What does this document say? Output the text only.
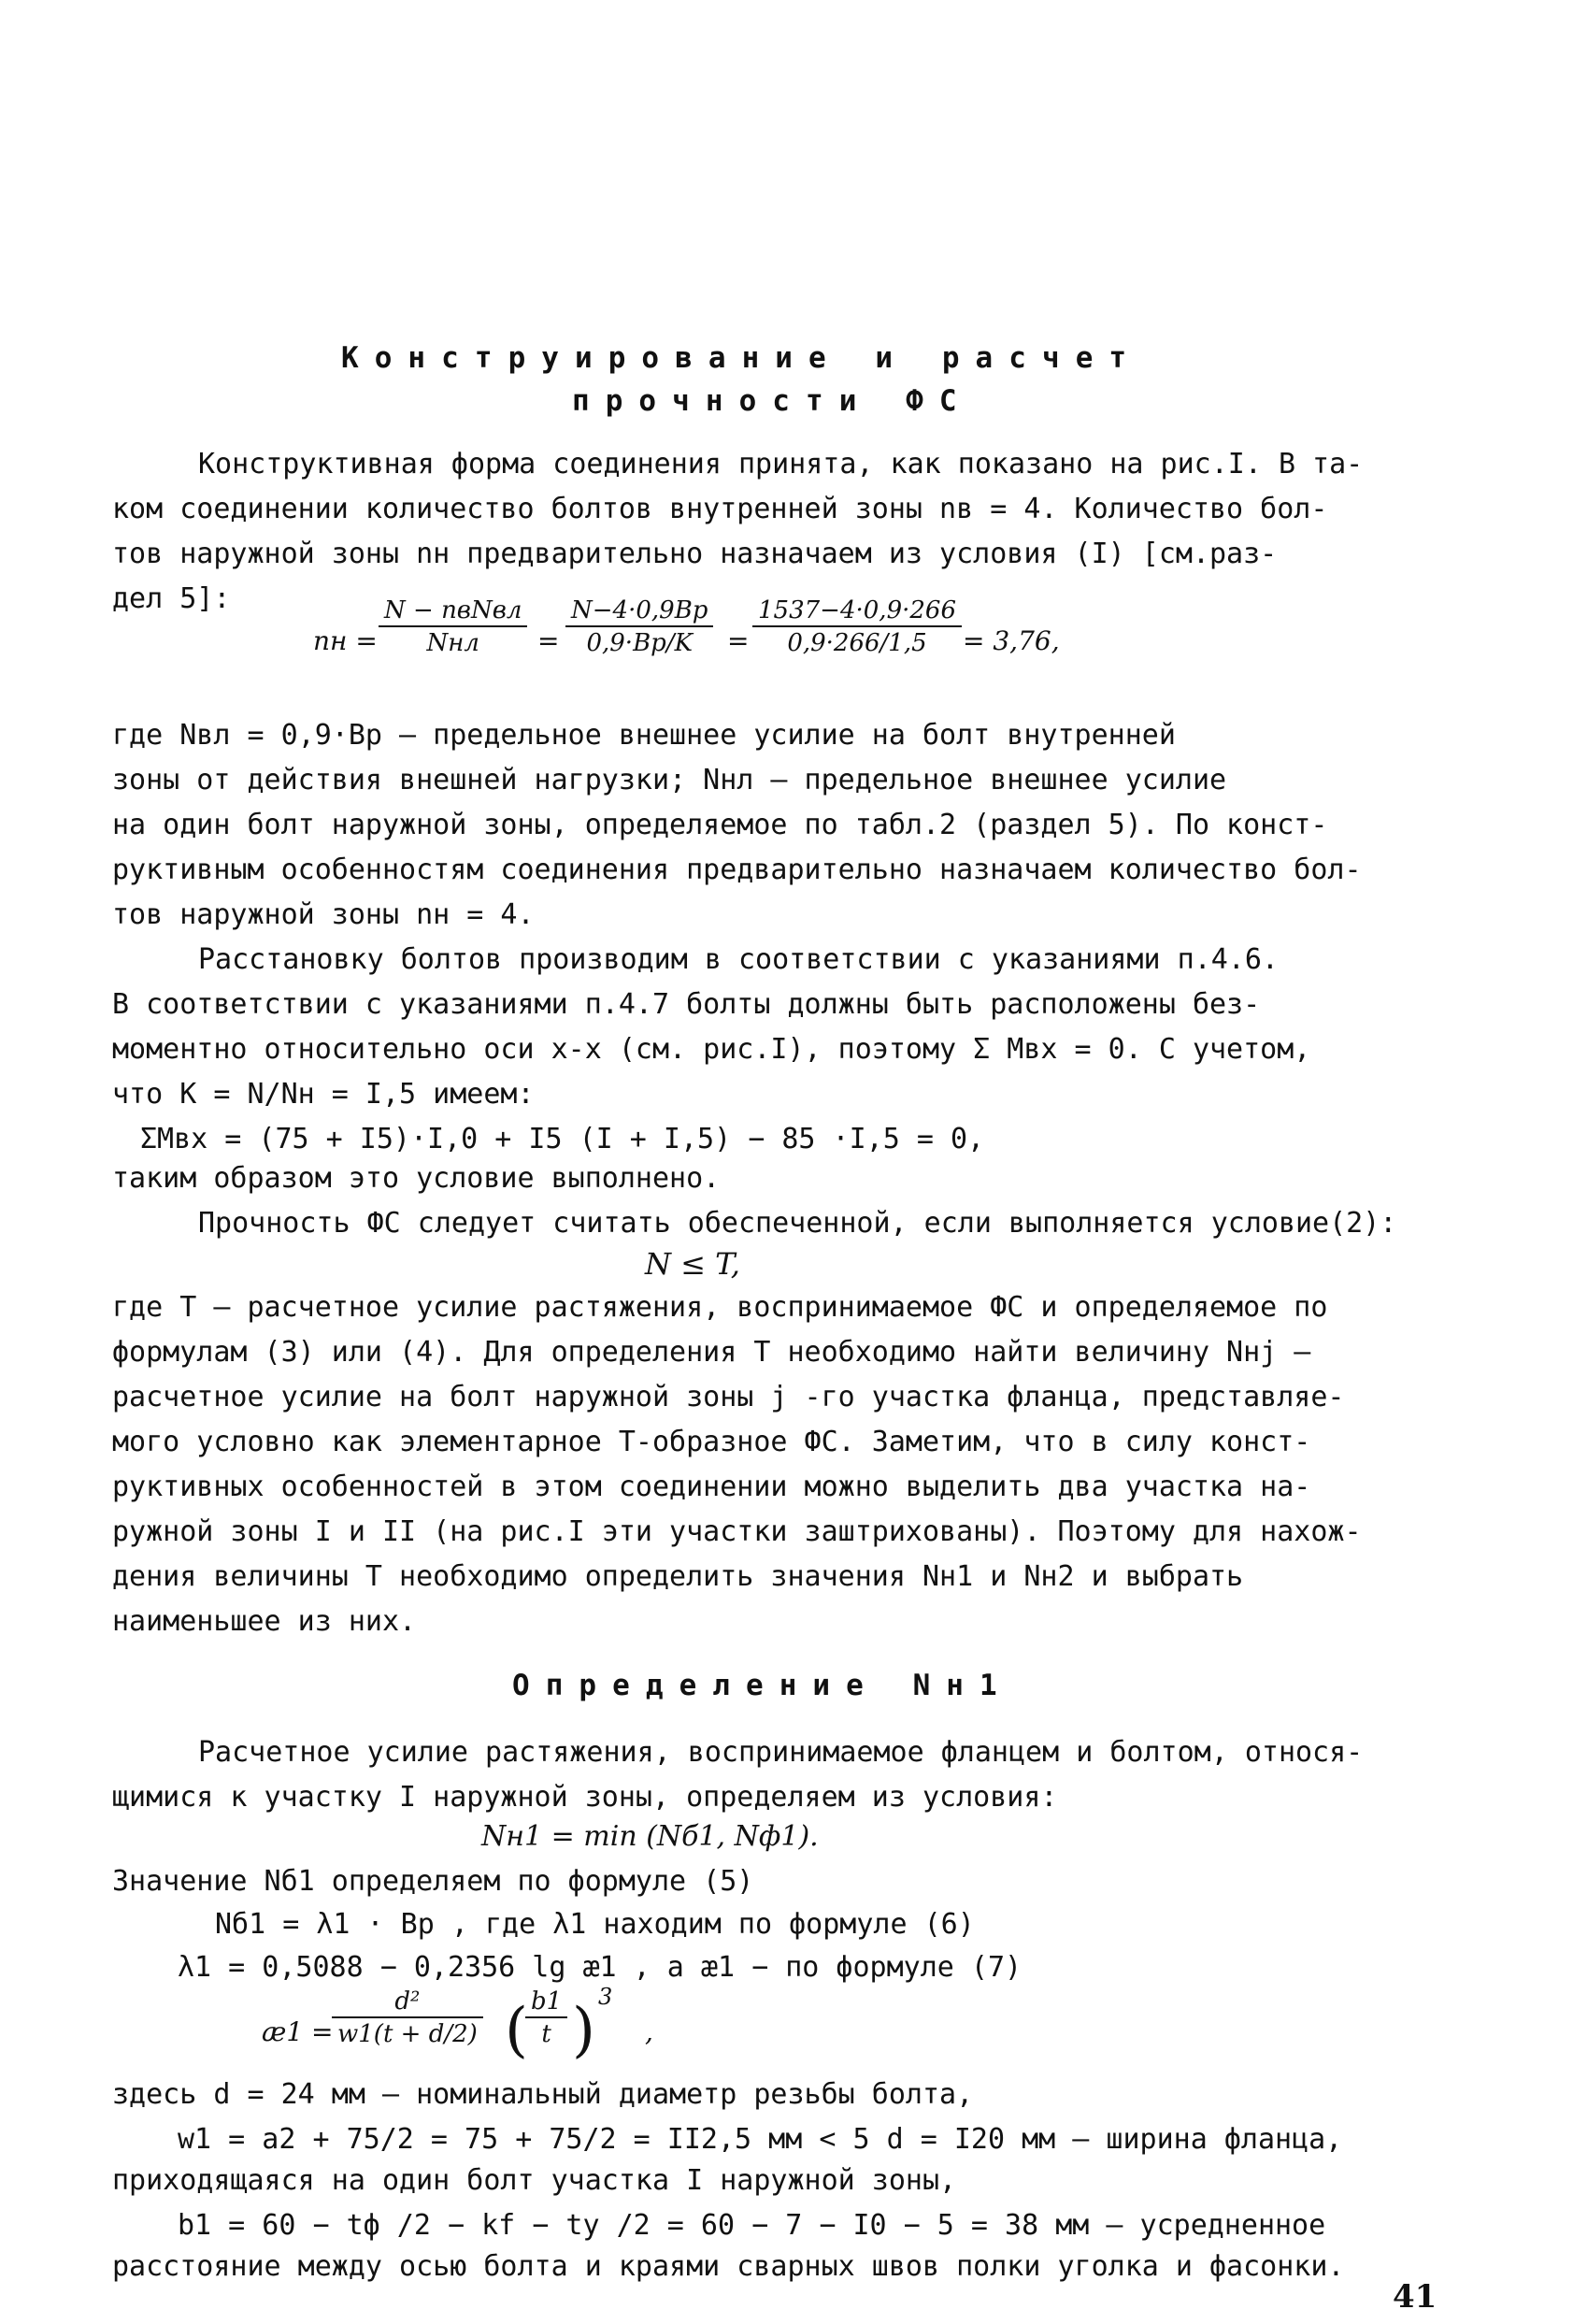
Конструирование и расчет
прочности ФС
Конструктивная форма соединения принята, как показано на рис.I. В та-
ком соединении количество болтов внутренней зоны nв = 4. Количество бол-
тов наружной зоны nн предварительно назначаем из условия (I) [см.раз-
дел 5]:
nн =
N − nвNвл
Nнл	=
N−4·0,9Bр
0,9·Bр/K	= $\frac{1537-4\cdot 0,9\cdot 266}{0,9\cdot 266/1,5} = 3,76$,
где Nвл = 0,9·Bр – предельное внешнее усилие на болт внутренней
зоны от действия внешней нагрузки; Nнл – предельное внешнее усилие
на один болт наружной зоны, определяемое по табл.2 (раздел 5). По конст-
руктивным особенностям соединения предварительно назначаем количество бол-
тов наружной зоны nн = 4.
Расстановку болтов производим в соответствии с указаниями п.4.6.
В соответствии с указаниями п.4.7 болты должны быть расположены без-
моментно относительно оси х-х (см. рис.I), поэтому Σ Mвх = 0. С учетом,
что К = N/Nн = I,5 имеем:
ΣMвх = (75 + I5)·I,0 + I5 (I + I,5) − 85 ·I,5 = 0,
таким образом это условие выполнено.
Прочность ФС следует считать обеспеченной, если выполняется условие(2):
N ≤ T,
где Т – расчетное усилие растяжения, воспринимаемое ФС и определяемое по
формулам (3) или (4). Для определения Т необходимо найти величину Nнj –
расчетное усилие на болт наружной зоны j -го участка фланца, представляе-
мого условно как элементарное Т-образное ФС. Заметим, что в силу конст-
руктивных особенностей в этом соединении можно выделить два участка на-
ружной зоны I и II (на рис.I эти участки заштрихованы). Поэтому для нахож-
дения величины Т необходимо определить значения Nн1 и Nн2 и выбрать
наименьшее из них.
Определение Nн1
Расчетное усилие растяжения, воспринимаемое фланцем и болтом, относя-
щимися к участку I наружной зоны, определяем из условия:
Nн1 = min (Nб1, Nф1).
Значение Nб1 определяем по формуле (5)
Nб1 = λ1 · Bр , где λ1 находим по формуле (6)
λ1 = 0,5088 − 0,2356 lg æ1 , а æ1 − по формуле (7)
æ1 =
$\frac{\text{d²}}{w1(t + d/2)}$ (
$\frac{b1}{t}$ ) 3
,
здесь d = 24 мм – номинальный диаметр резьбы болта,
w1 = a2 + 75/2 = 75 + 75/2 = II2,5 мм < 5 d = I20 мм – ширина фланца,
приходящаяся на один болт участка I наружной зоны,
b1 = 60 − tф /2 − kf − ty /2 = 60 − 7 − I0 − 5 = 38 мм – усредненное
расстояние между осью болта и краями сварных швов полки уголка и фасонки.
41
